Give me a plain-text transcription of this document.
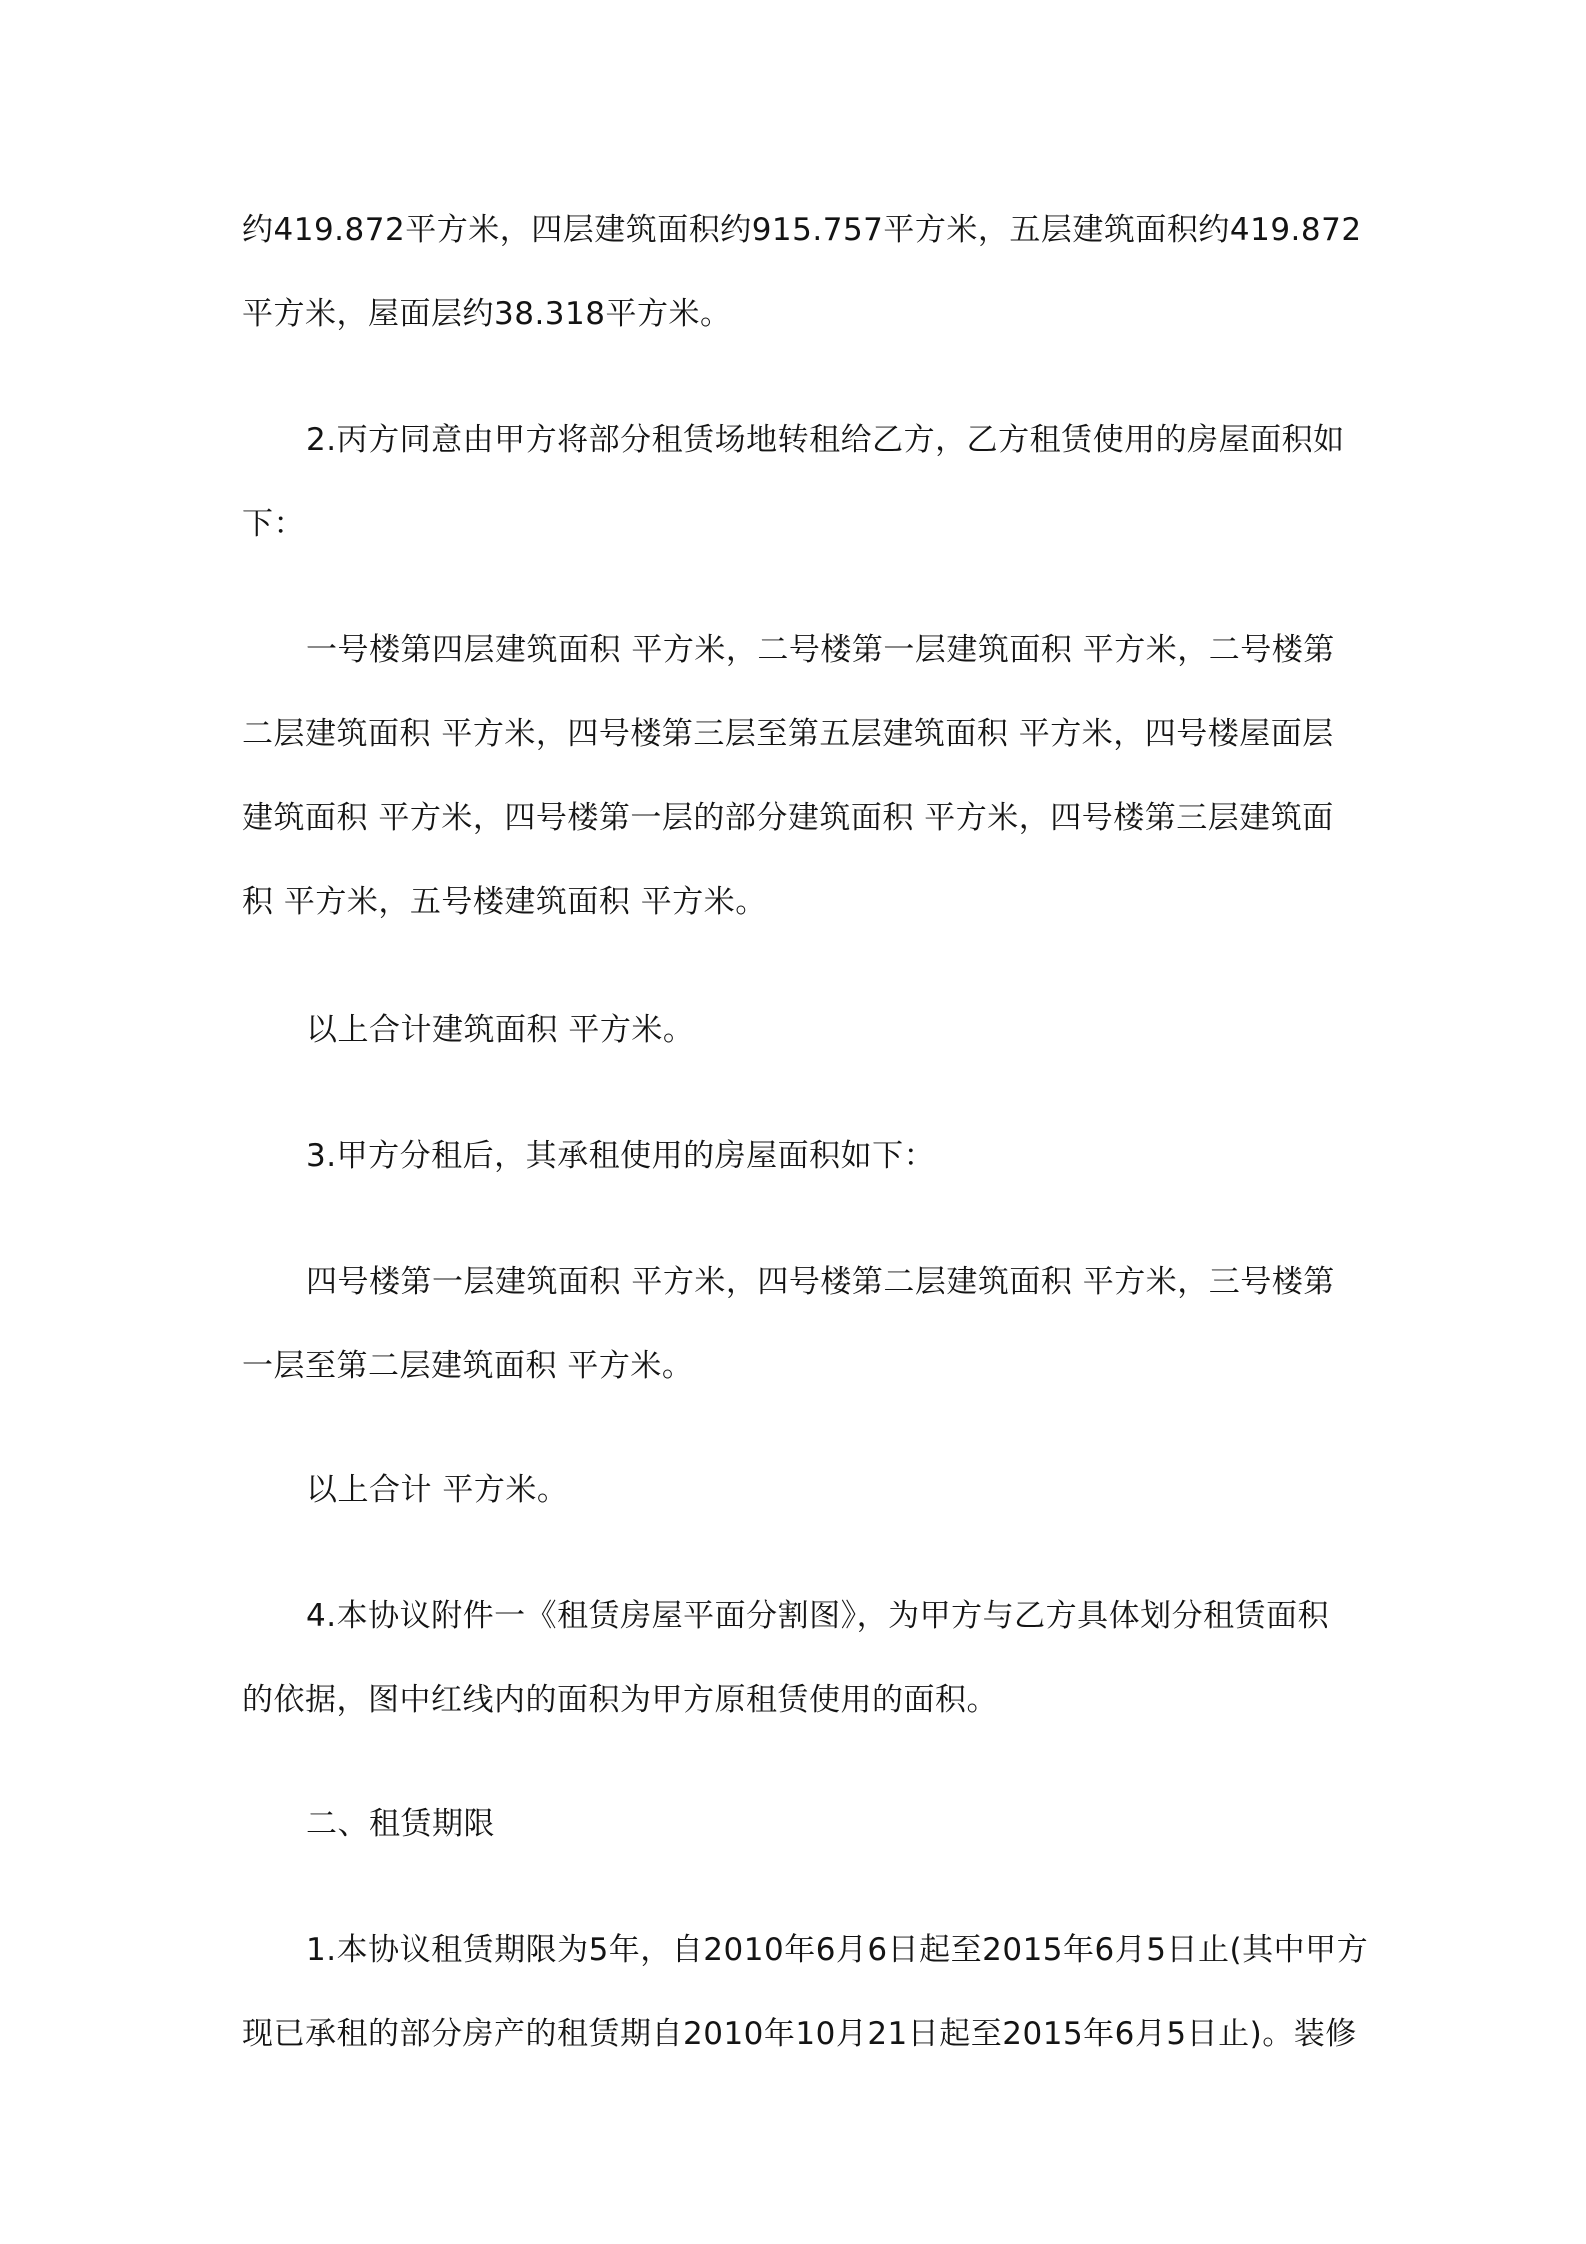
约419.872平方米，四层建筑面积约915.757平方米，五层建筑面积约419.872
平方米，屋面层约38.318平方米。
2.丙方同意由甲方将部分租赁场地转租给乙方，乙方租赁使用的房屋面积如
下：
一号楼第四层建筑面积 平方米，二号楼第一层建筑面积 平方米，二号楼第
二层建筑面积 平方米，四号楼第三层至第五层建筑面积 平方米，四号楼屋面层
建筑面积 平方米，四号楼第一层的部分建筑面积 平方米，四号楼第三层建筑面
积 平方米，五号楼建筑面积 平方米。
以上合计建筑面积 平方米。
3.甲方分租后，其承租使用的房屋面积如下：
四号楼第一层建筑面积 平方米，四号楼第二层建筑面积 平方米，三号楼第
一层至第二层建筑面积 平方米。
以上合计 平方米。
4.本协议附件一《租赁房屋平面分割图》，为甲方与乙方具体划分租赁面积
的依据，图中红线内的面积为甲方原租赁使用的面积。
二、租赁期限
1.本协议租赁期限为5年，自2010年6月6日起至2015年6月5日止(其中甲方
现已承租的部分房产的租赁期自2010年10月21日起至2015年6月5日止)。装修
